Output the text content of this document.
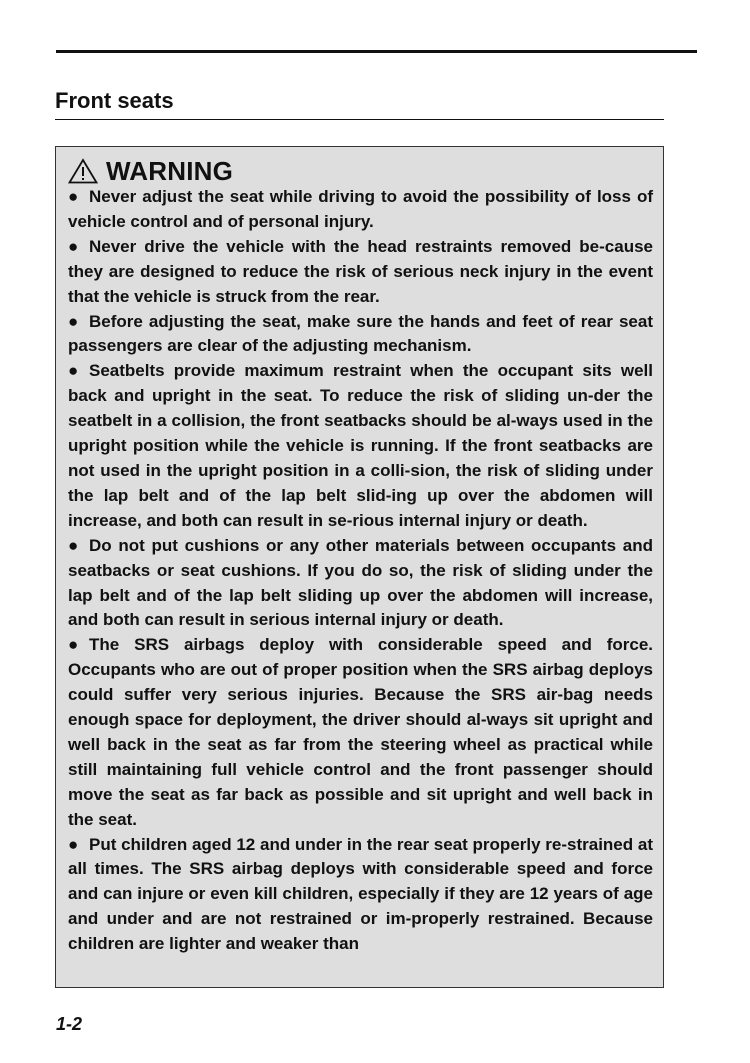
Front seats
WARNING

● Never adjust the seat while driving to avoid the possibility of loss of vehicle control and of personal injury.

● Never drive the vehicle with the head restraints removed be-cause they are designed to reduce the risk of serious neck injury in the event that the vehicle is struck from the rear.

● Before adjusting the seat, make sure the hands and feet of rear seat passengers are clear of the adjusting mechanism.

● Seatbelts provide maximum restraint when the occupant sits well back and upright in the seat. To reduce the risk of sliding un-der the seatbelt in a collision, the front seatbacks should be al-ways used in the upright position while the vehicle is running. If the front seatbacks are not used in the upright position in a colli-sion, the risk of sliding under the lap belt and of the lap belt slid-ing up over the abdomen will increase, and both can result in se-rious internal injury or death.

● Do not put cushions or any other materials between occupants and seatbacks or seat cushions. If you do so, the risk of sliding under the lap belt and of the lap belt sliding up over the abdomen will increase, and both can result in serious internal injury or death.

● The SRS airbags deploy with considerable speed and force. Occupants who are out of proper position when the SRS airbag deploys could suffer very serious injuries. Because the SRS air-bag needs enough space for deployment, the driver should al-ways sit upright and well back in the seat as far from the steering wheel as practical while still maintaining full vehicle control and the front passenger should move the seat as far back as possible and sit upright and well back in the seat.

● Put children aged 12 and under in the rear seat properly re-strained at all times. The SRS airbag deploys with considerable speed and force and can injure or even kill children, especially if they are 12 years of age and under and are not restrained or im-properly restrained. Because children are lighter and weaker than

1-2
